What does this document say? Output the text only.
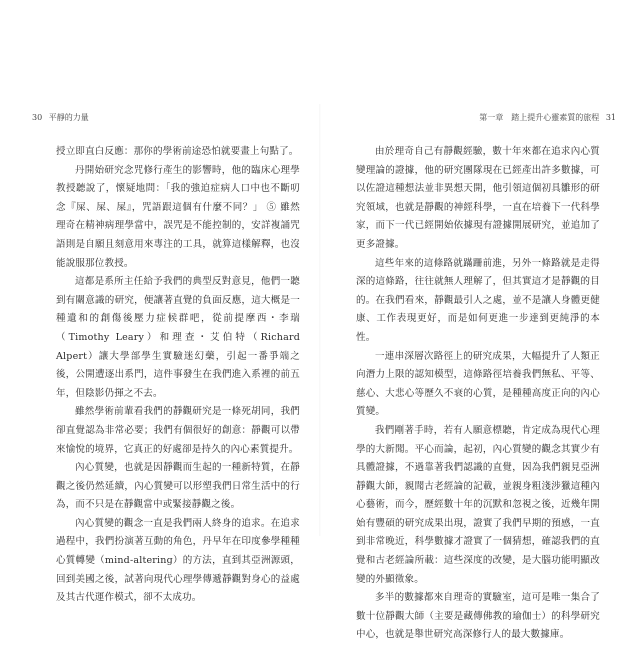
30 平靜的力量	第一章　踏上提升心靈素質的旅程 31

授立即直白反應：那你的學術前途恐怕就要畫上句點了。

丹開始研究念咒修行產生的影響時，他的臨床心理學教授聽說了，懷疑地問：「我的強迫症病人口中也不斷叨念『屎、屎、屎』，咒語跟這個有什麼不同？」 ⑤ 雖然理奇在精神病理學當中，誤咒是不能控制的，安詳複誦咒語則是自願且刻意用來專注的工具，就算這樣解釋，也沒能說服那位教授。

這都是系所主任給予我們的典型反對意見，他們一聽到有關意識的研究，便讓著直覺的負面反應，這大概是一種遺和的創傷後壓力症候群吧，從前提摩西・李瑞（Timothy Leary）和理查・艾伯特（Richard Alpert）讓大學部學生實驗迷幻藥，引起一番爭端之後，公開遭逐出系門，這件事發生在我們進入系裡的前五年，但陰影仍揮之不去。

雖然學術前輩看我們的靜觀研究是一條死胡同，我們卻直覺認為非常必要；我們有個很好的創意：靜觀可以帶來愉悅的境界，它真正的好處卻是持久的內心素質提升。

內心質變，也就是因靜觀而生起的一種新特質，在靜觀之後仍然延續，內心質變可以形塑我們日常生活中的行為，而不只是在靜觀當中或緊接靜觀之後。

內心質變的觀念一直是我們兩人終身的追求。在追求過程中，我們扮演著互動的角色，丹早年在印度參學種種心質轉變（mind-altering）的方法，直到其亞洲源頭，回到美國之後，試著向現代心理學傳遞靜觀對身心的益處及其古代運作模式，卻不太成功。

由於理奇自己有靜觀經驗，數十年來都在追求內心質變理論的證據，他的研究團隊現在已經產出許多數據，可以佐證這種想法並非異想天開，他引領這個初具雛形的研究領域，也就是靜觀的神經科學，一直在培養下一代科學家，而下一代已經開始依據現有證據開展研究，並追加了更多證據。

這些年來的這條路就蹣跚前進，另外一條路就是走得深的這條路，往往就無人理解了，但其實這才是靜觀的目的。在我們看來，靜觀最引人之處，並不是讓人身體更健康、工作表現更好，而是如何更進一步達到更純淨的本性。

一連串深層次路徑上的研究成果，大幅提升了人類正向潛力上限的認知模型，這條路徑培養我們無私、平等、慈心、大悲心等歷久不衰的心質，是種種高度正向的內心質變。

我們剛著手時，若有人願意標聽，肯定成為現代心理學的大新聞。平心而論，起初，內心質變的觀念其實少有具體證據，不過靠著我們認識的直覺，因為我們親見亞洲靜觀大師，親聞古老經論的記載，並親身粗淺涉獵這種內心藝術，而今，歷經數十年的沉默和忽視之後，近幾年開始有豐碩的研究成果出現，證實了我們早期的預感，一直到非常晚近，科學數據才證實了一個猜想，確認我們的直覺和古老經論所載：這些深度的改變，是大腦功能明顯改變的外顯徵象。

多半的數據都來自理奇的實驗室，這可是唯一集合了數十位靜觀大師（主要是藏傳佛教的瑜伽士）的科學研究中心，也就是舉世研究高深修行人的最大數據庫。
